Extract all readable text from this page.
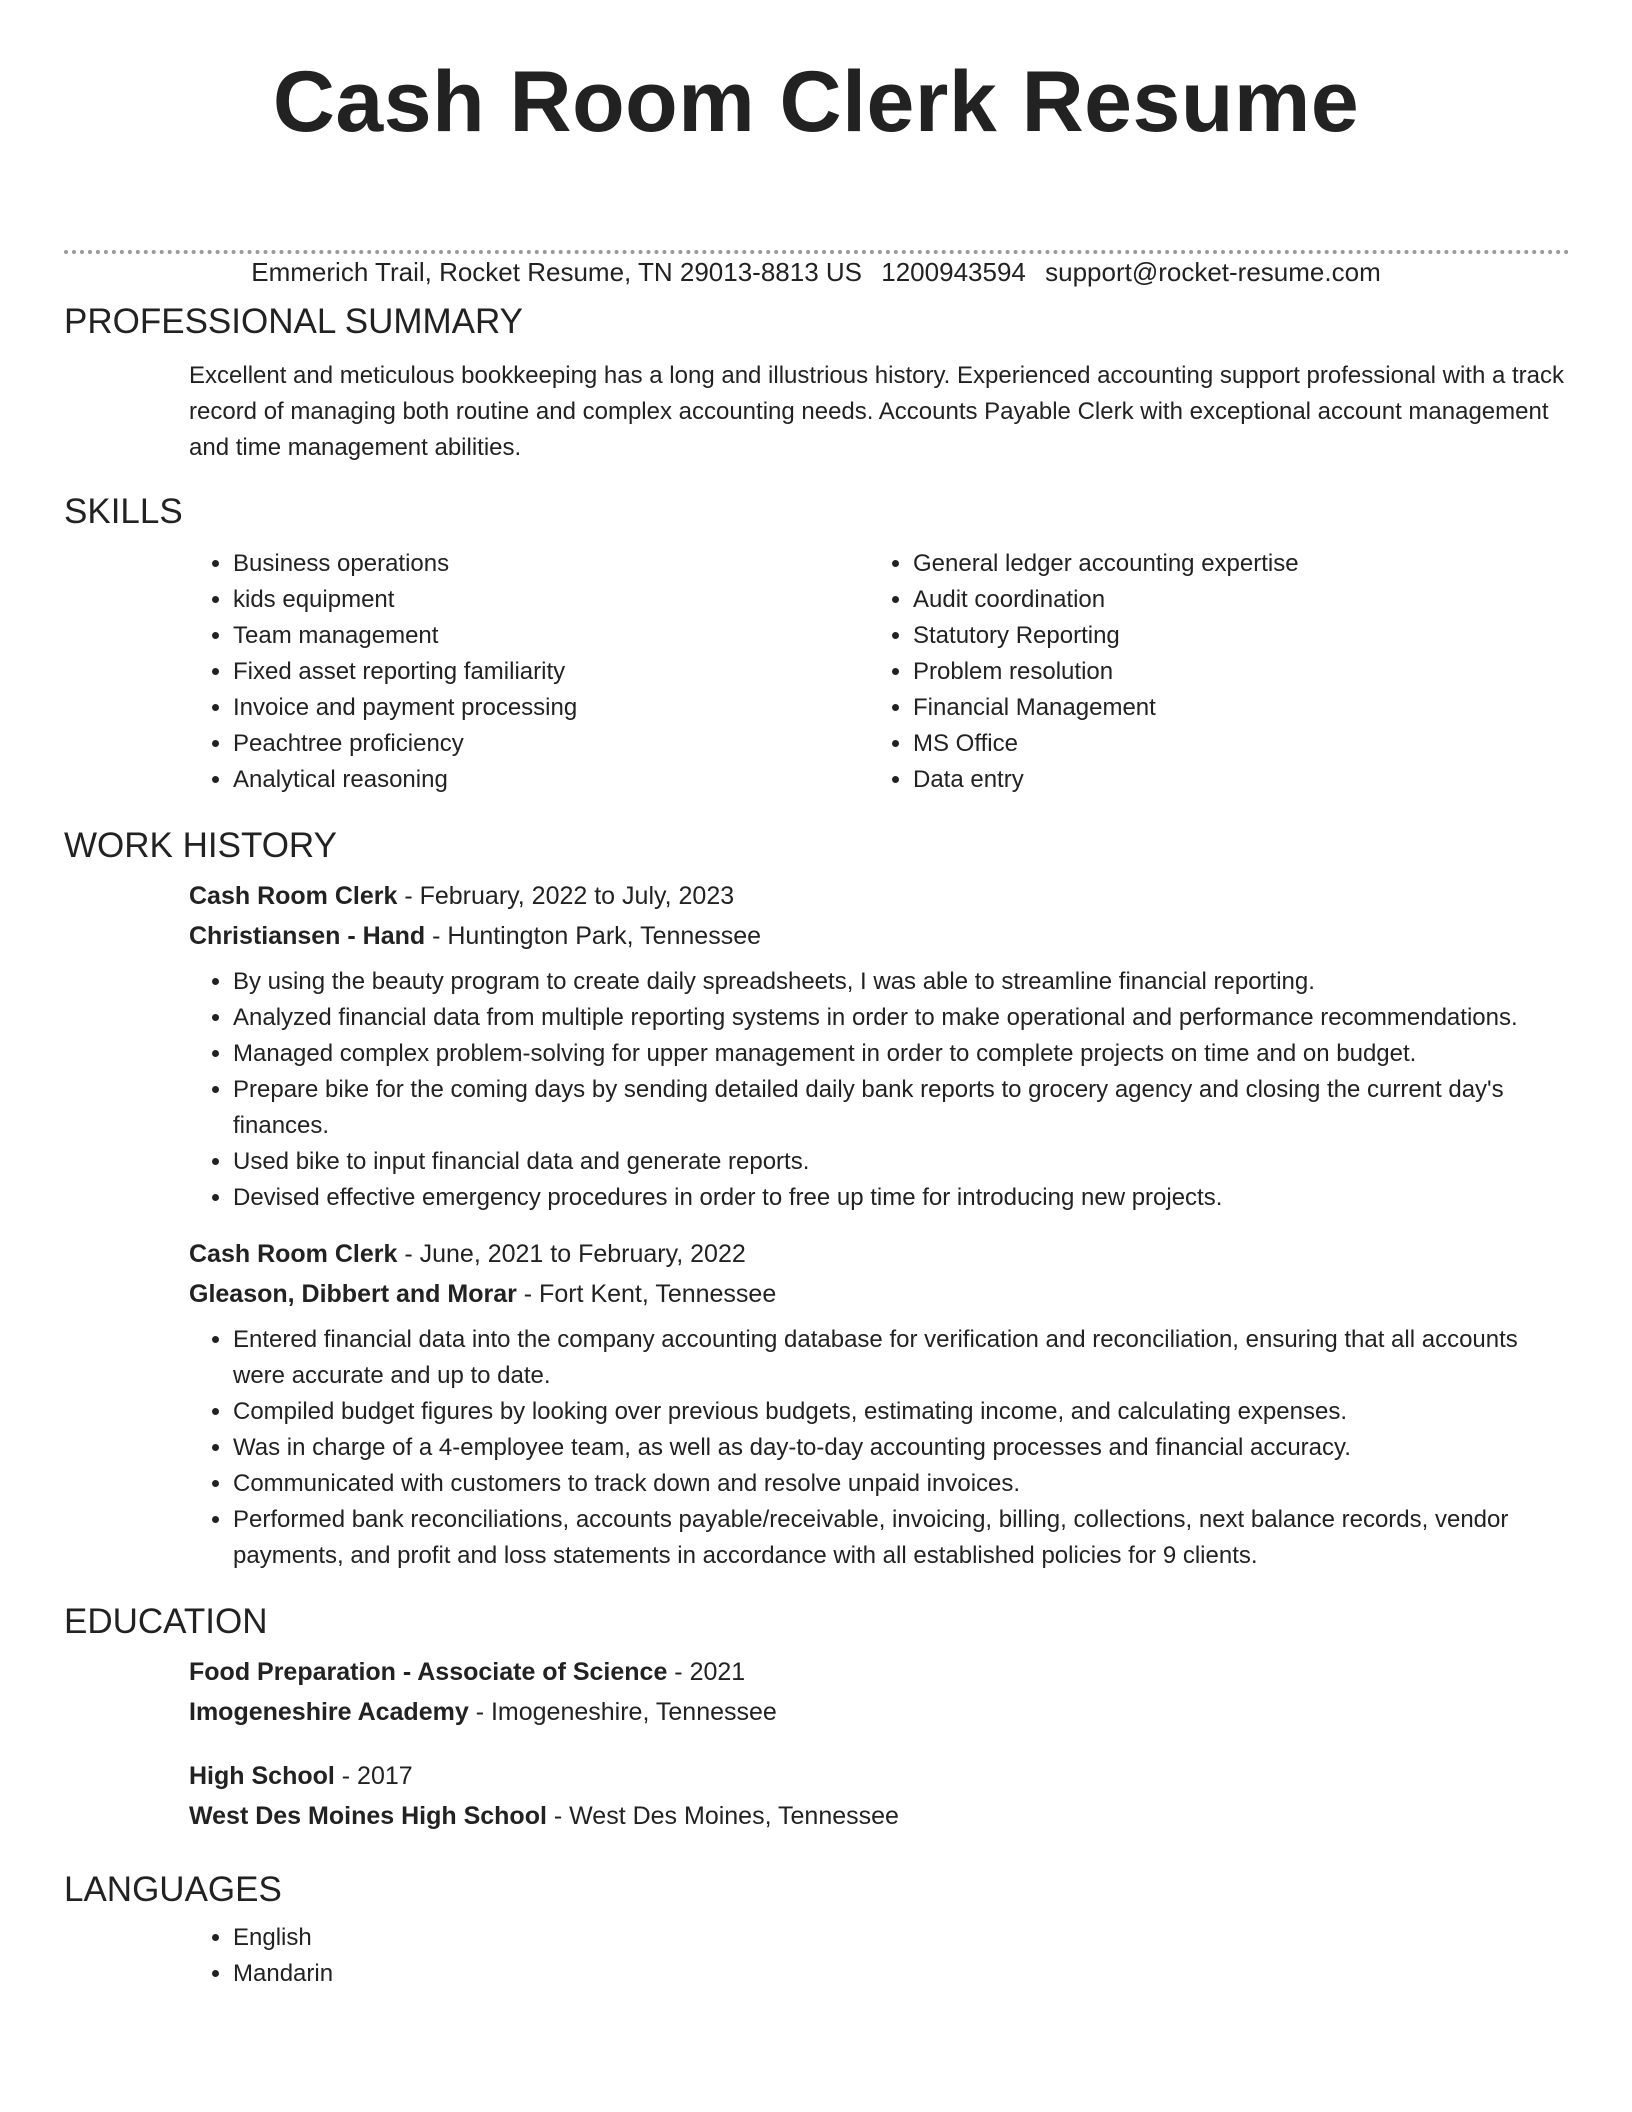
Cash Room Clerk Resume
Emmerich Trail, Rocket Resume, TN 29013-8813 US 1200943594 support@rocket-resume.com
PROFESSIONAL SUMMARY
Excellent and meticulous bookkeeping has a long and illustrious history. Experienced accounting support professional with a track record of managing both routine and complex accounting needs. Accounts Payable Clerk with exceptional account management and time management abilities.
SKILLS
• Business operations
• kids equipment
• Team management
• Fixed asset reporting familiarity
• Invoice and payment processing
• Peachtree proficiency
• Analytical reasoning
• General ledger accounting expertise
• Audit coordination
• Statutory Reporting
• Problem resolution
• Financial Management
• MS Office
• Data entry
WORK HISTORY
Cash Room Clerk - February, 2022 to July, 2023
Christiansen - Hand - Huntington Park, Tennessee
• By using the beauty program to create daily spreadsheets, I was able to streamline financial reporting.
• Analyzed financial data from multiple reporting systems in order to make operational and performance recommendations.
• Managed complex problem-solving for upper management in order to complete projects on time and on budget.
• Prepare bike for the coming days by sending detailed daily bank reports to grocery agency and closing the current day's finances.
• Used bike to input financial data and generate reports.
• Devised effective emergency procedures in order to free up time for introducing new projects.
Cash Room Clerk - June, 2021 to February, 2022
Gleason, Dibbert and Morar - Fort Kent, Tennessee
• Entered financial data into the company accounting database for verification and reconciliation, ensuring that all accounts were accurate and up to date.
• Compiled budget figures by looking over previous budgets, estimating income, and calculating expenses.
• Was in charge of a 4-employee team, as well as day-to-day accounting processes and financial accuracy.
• Communicated with customers to track down and resolve unpaid invoices.
• Performed bank reconciliations, accounts payable/receivable, invoicing, billing, collections, next balance records, vendor payments, and profit and loss statements in accordance with all established policies for 9 clients.
EDUCATION
Food Preparation - Associate of Science - 2021
Imogeneshire Academy - Imogeneshire, Tennessee
High School - 2017
West Des Moines High School - West Des Moines, Tennessee
LANGUAGES
• English
• Mandarin
